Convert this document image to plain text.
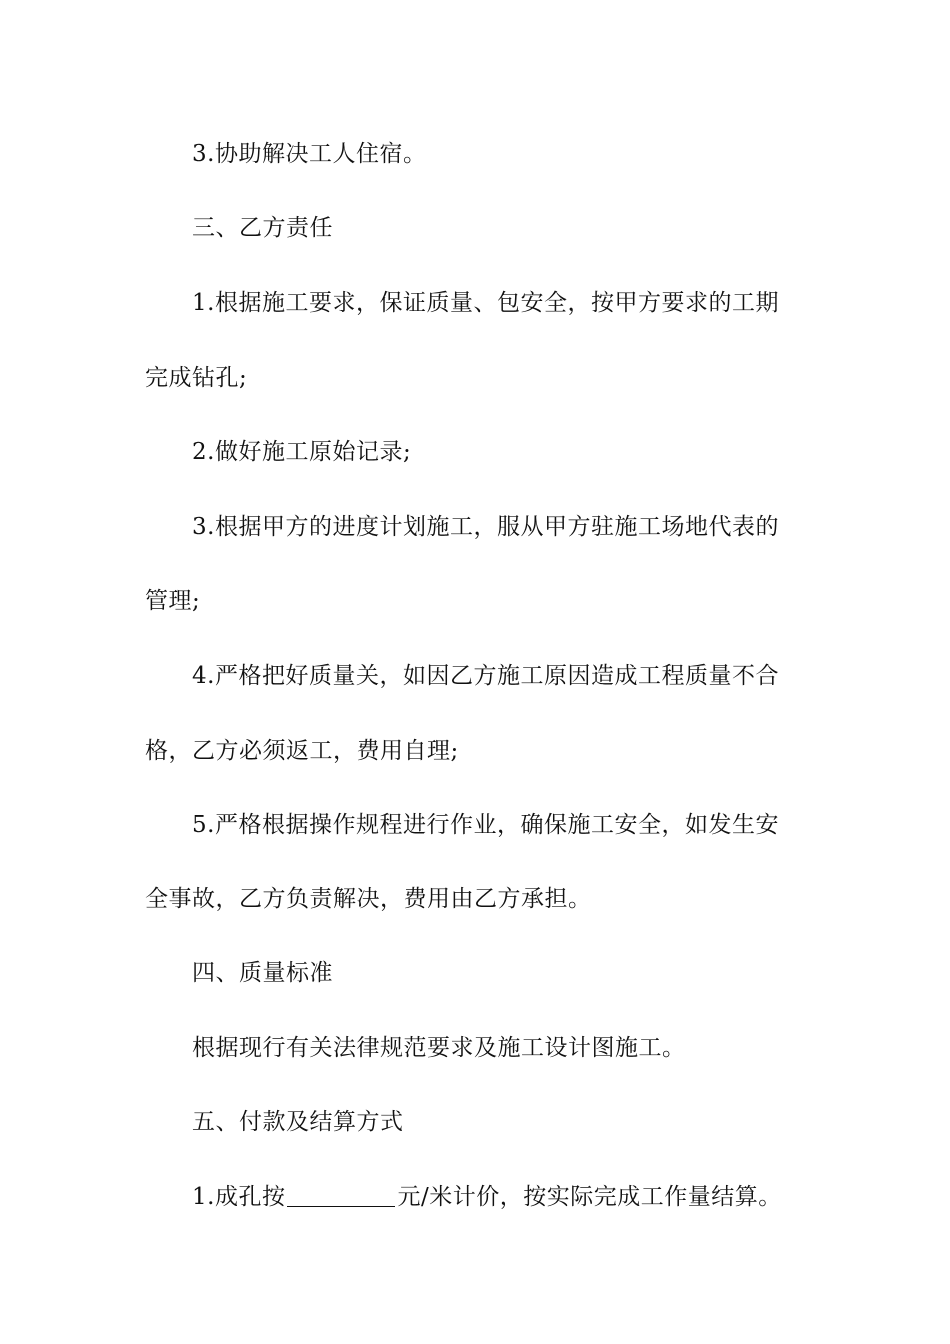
3.协助解决工人住宿。
三、乙方责任
1.根据施工要求，保证质量、包安全，按甲方要求的工期
完成钻孔;
2.做好施工原始记录;
3.根据甲方的进度计划施工，服从甲方驻施工场地代表的
管理;
4.严格把好质量关，如因乙方施工原因造成工程质量不合
格，乙方必须返工，费用自理;
5.严格根据操作规程进行作业，确保施工安全，如发生安
全事故，乙方负责解决，费用由乙方承担。
四、质量标准
根据现行有关法律规范要求及施工设计图施工。
五、付款及结算方式
1.成孔按	元/米计价，按实际完成工作量结算。
